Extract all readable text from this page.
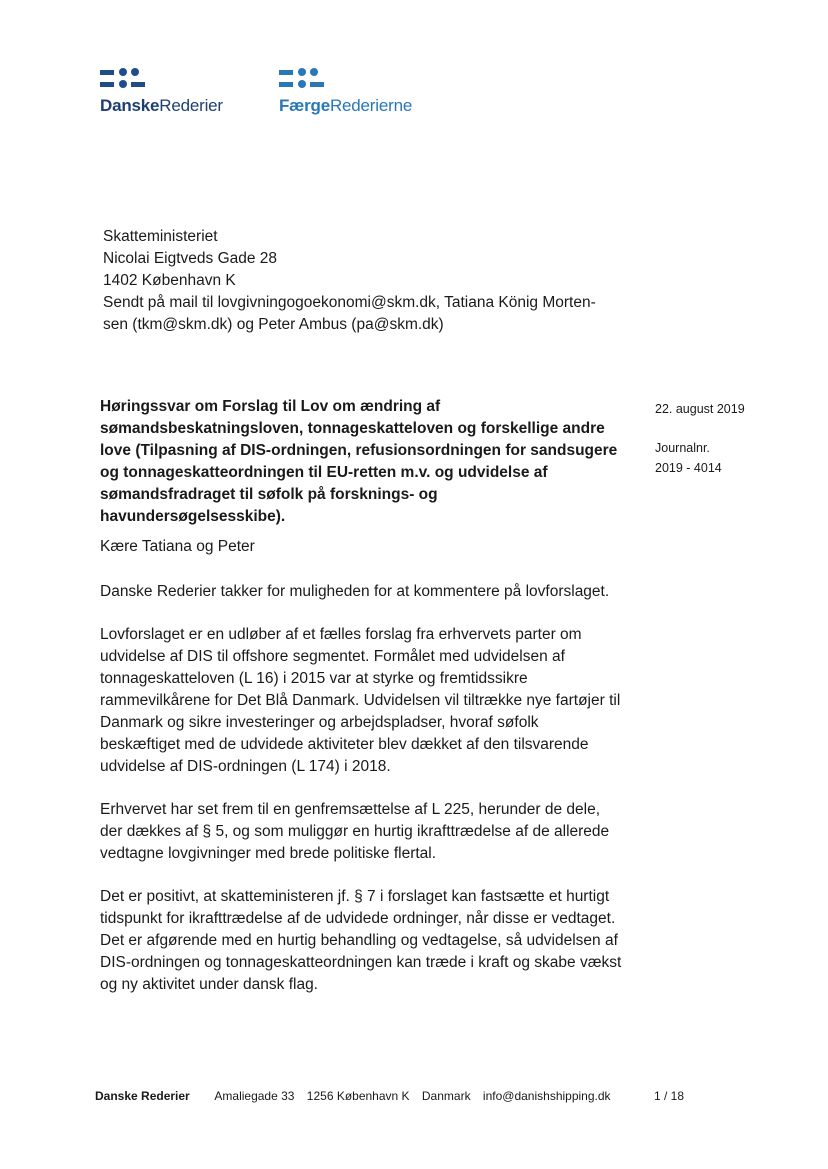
DanskeRederier	FærgeRederierne
Skatteministeriet
Nicolai Eigtveds Gade 28
1402 København K
Sendt på mail til lovgivningogoekonomi@skm.dk, Tatiana König Morten-
sen (tkm@skm.dk) og Peter Ambus (pa@skm.dk)
Høringssvar om Forslag til Lov om ændring af sømandsbeskatningsloven, tonnageskatteloven og forskellige andre love (Tilpasning af DIS-ordningen, refusionsordningen for sandsugere og tonnageskatteordningen til EU-retten m.v. og udvidelse af sømandsfradraget til søfolk på forsknings- og havundersøgelsesskibe).
22. august 2019
Journalnr.
2019 - 4014

Kære Tatiana og Peter

Danske Rederier takker for muligheden for at kommentere på lovforslaget.

Lovforslaget er en udløber af et fælles forslag fra erhvervets parter om udvidelse af DIS til offshore segmentet. Formålet med udvidelsen af tonnageskatteloven (L 16) i 2015 var at styrke og fremtidssikre rammevilkårene for Det Blå Danmark. Udvidelsen vil tiltrække nye fartøjer til Danmark og sikre investeringer og arbejdspladser, hvoraf søfolk beskæftiget med de udvidede aktiviteter blev dækket af den tilsvarende udvidelse af DIS-ordningen (L 174) i 2018.

Erhvervet har set frem til en genfremsættelse af L 225, herunder de dele, der dækkes af § 5, og som muliggør en hurtig ikrafttrædelse af de allerede vedtagne lovgivninger med brede politiske flertal.

Det er positivt, at skatteministeren jf. § 7 i forslaget kan fastsætte et hurtigt tidspunkt for ikrafttrædelse af de udvidede ordninger, når disse er vedtaget. Det er afgørende med en hurtig behandling og vedtagelse, så udvidelsen af DIS-ordningen og tonnageskatteordningen kan træde i kraft og skabe vækst og ny aktivitet under dansk flag.

Danske Rederier Amaliegade 33 1256 København K Danmark info@danishshipping.dk	1 / 18
